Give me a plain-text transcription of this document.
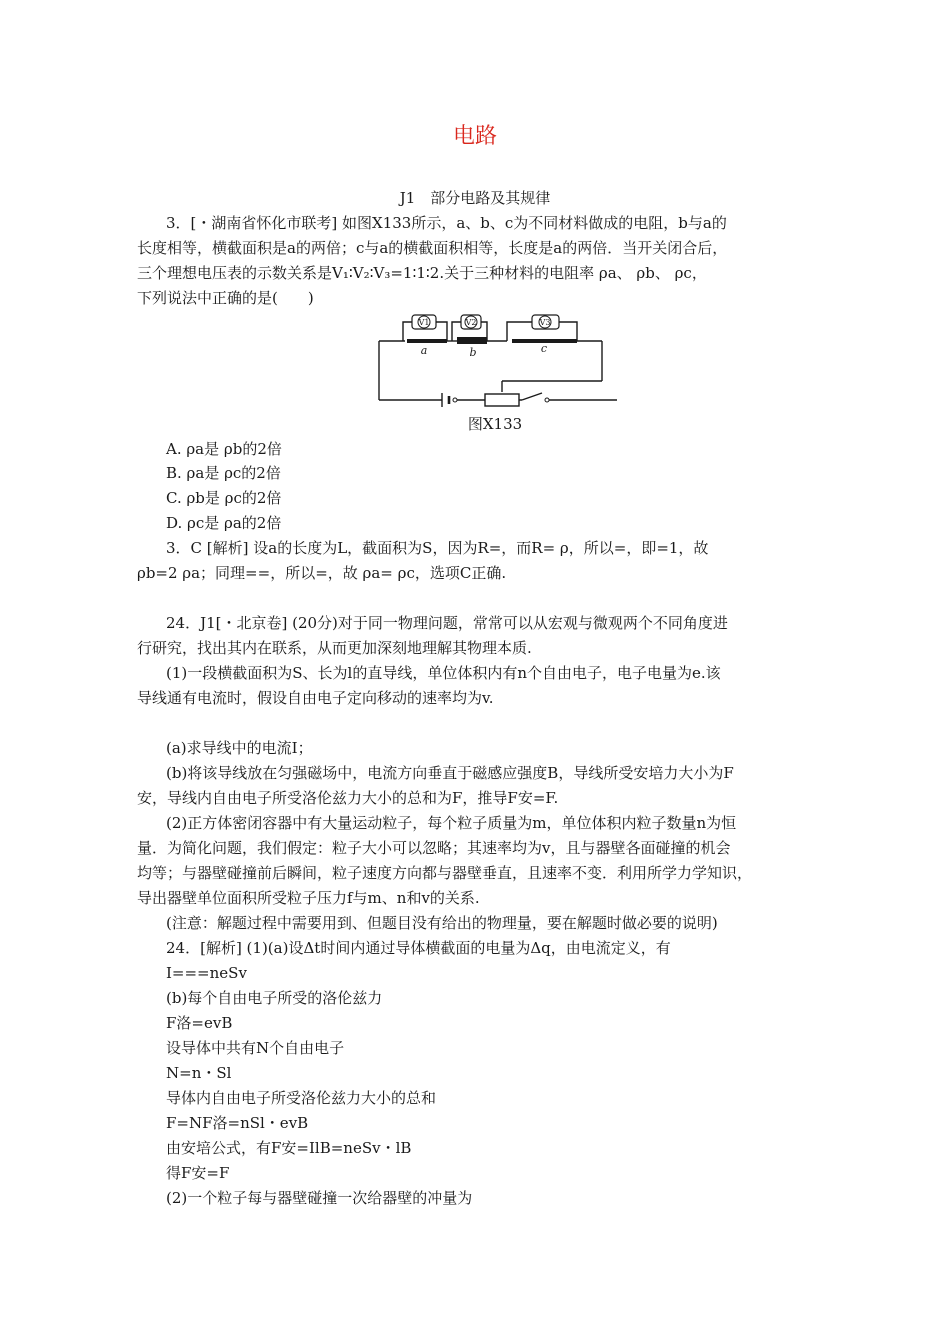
电路
J1　部分电路及其规律
3．[・湖南省怀化市联考] 如图X133所示，a、b、c为不同材料做成的电阻，b与a的
长度相等，横截面积是a的两倍；c与a的横截面积相等，长度是a的两倍．当开关闭合后，
三个理想电压表的示数关系是V₁∶V₂∶V₃=1∶1∶2.关于三种材料的电阻率 ρa、 ρb、 ρc，
下列说法中正确的是(　　)
V1	V2	V3
a	b	c
图X133
A. ρa是 ρb的2倍
B. ρa是 ρc的2倍
C. ρb是 ρc的2倍
D. ρc是 ρa的2倍
3．C [解析] 设a的长度为L，截面积为S，因为R=，而R= ρ，所以=，即=1，故
ρb=2 ρa；同理==，所以=，故 ρa= ρc，选项C正确.
24．J1[・北京卷] (20分)对于同一物理问题，常常可以从宏观与微观两个不同角度进
行研究，找出其内在联系，从而更加深刻地理解其物理本质.
(1)一段横截面积为S、长为l的直导线，单位体积内有n个自由电子，电子电量为e.该
导线通有电流时，假设自由电子定向移动的速率均为v.
(a)求导线中的电流I；
(b)将该导线放在匀强磁场中，电流方向垂直于磁感应强度B，导线所受安培力大小为F
安，导线内自由电子所受洛伦兹力大小的总和为F，推导F安=F.
(2)正方体密闭容器中有大量运动粒子，每个粒子质量为m，单位体积内粒子数量n为恒
量．为简化问题，我们假定：粒子大小可以忽略；其速率均为v，且与器壁各面碰撞的机会
均等；与器壁碰撞前后瞬间，粒子速度方向都与器壁垂直，且速率不变．利用所学力学知识，
导出器壁单位面积所受粒子压力f与m、n和v的关系.
(注意：解题过程中需要用到、但题目没有给出的物理量，要在解题时做必要的说明)
24．[解析] (1)(a)设Δt时间内通过导体横截面的电量为Δq，由电流定义，有
I===neSv
(b)每个自由电子所受的洛伦兹力
F洛=evB
设导体中共有N个自由电子
N=n・Sl
导体内自由电子所受洛伦兹力大小的总和
F=NF洛=nSl・evB
由安培公式，有F安=IlB=neSv・lB
得F安=F
(2)一个粒子每与器壁碰撞一次给器壁的冲量为
